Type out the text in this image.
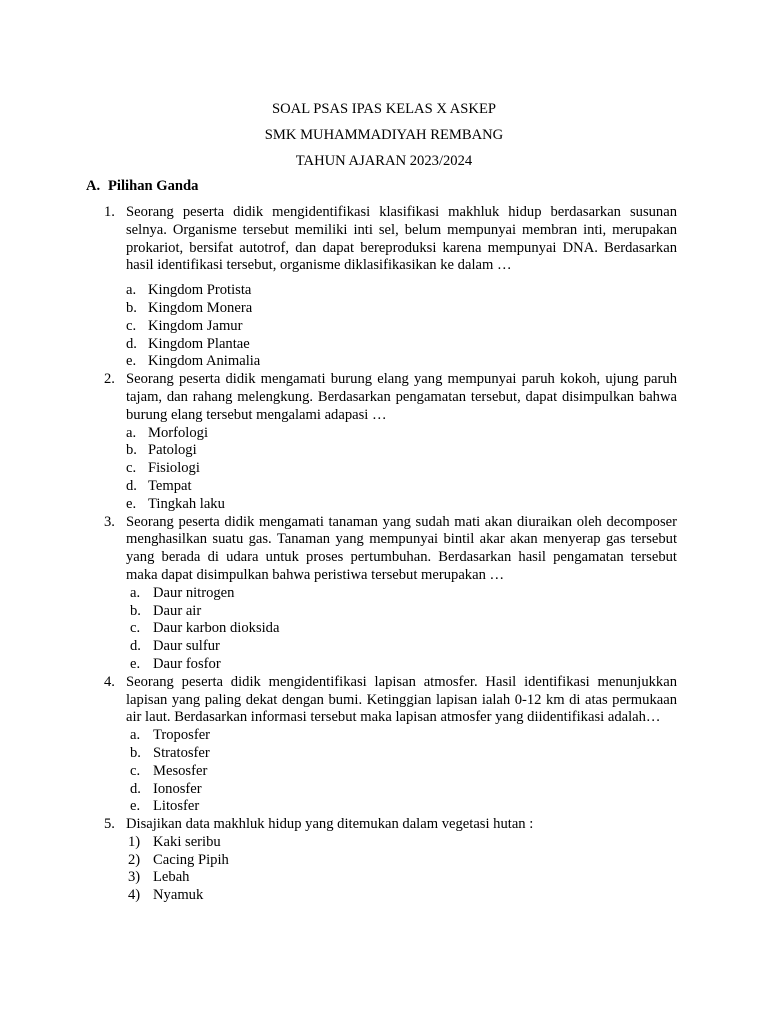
SOAL PSAS IPAS KELAS X ASKEP
SMK MUHAMMADIYAH REMBANG
TAHUN AJARAN 2023/2024
A. Pilihan Ganda
1. Seorang peserta didik mengidentifikasi klasifikasi makhluk hidup berdasarkan susunan selnya. Organisme tersebut memiliki inti sel, belum mempunyai membran inti, merupakan prokariot, bersifat autotrof, dan dapat bereproduksi karena mempunyai DNA. Berdasarkan hasil identifikasi tersebut, organisme diklasifikasikan ke dalam …
a. Kingdom Protista
b. Kingdom Monera
c. Kingdom Jamur
d. Kingdom Plantae
e. Kingdom Animalia
2. Seorang peserta didik mengamati burung elang yang mempunyai paruh kokoh, ujung paruh tajam, dan rahang melengkung. Berdasarkan pengamatan tersebut, dapat disimpulkan bahwa burung elang tersebut mengalami adapasi …
a. Morfologi
b. Patologi
c. Fisiologi
d. Tempat
e. Tingkah laku
3. Seorang peserta didik mengamati tanaman yang sudah mati akan diuraikan oleh decomposer menghasilkan suatu gas. Tanaman yang mempunyai bintil akar akan menyerap gas tersebut yang berada di udara untuk proses pertumbuhan. Berdasarkan hasil pengamatan tersebut maka dapat disimpulkan bahwa peristiwa tersebut merupakan …
a. Daur nitrogen
b. Daur air
c. Daur karbon dioksida
d. Daur sulfur
e. Daur fosfor
4. Seorang peserta didik mengidentifikasi lapisan atmosfer. Hasil identifikasi menunjukkan lapisan yang paling dekat dengan bumi. Ketinggian lapisan ialah 0-12 km di atas permukaan air laut. Berdasarkan informasi tersebut maka lapisan atmosfer yang diidentifikasi adalah…
a. Troposfer
b. Stratosfer
c. Mesosfer
d. Ionosfer
e. Litosfer
5. Disajikan data makhluk hidup yang ditemukan dalam vegetasi hutan :
1) Kaki seribu
2) Cacing Pipih
3) Lebah
4) Nyamuk
